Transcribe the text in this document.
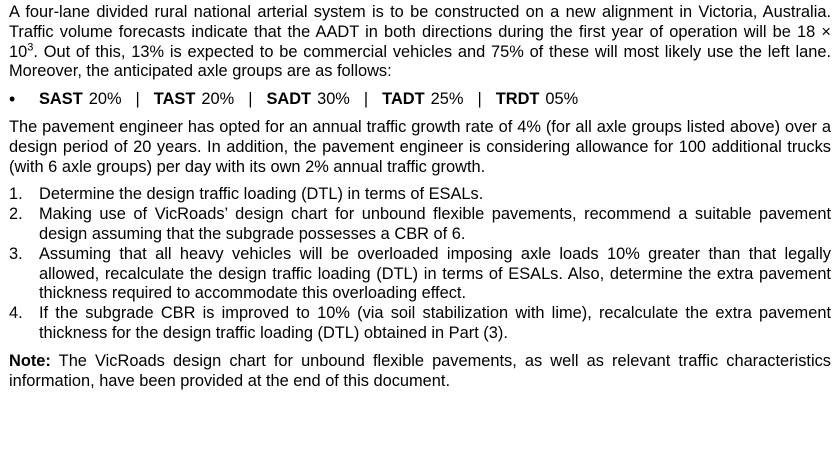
A four-lane divided rural national arterial system is to be constructed on a new alignment in Victoria, Australia. Traffic volume forecasts indicate that the AADT in both directions during the first year of operation will be $18 \times 10^3$. Out of this, 13% is expected to be commercial vehicles and 75% of these will most likely use the left lane. Moreover, the anticipated axle groups are as follows:

•	SAST 20% | TAST 20% | SADT 30% | TADT 25% | TRDT 05%

The pavement engineer has opted for an annual traffic growth rate of 4% (for all axle groups listed above) over a design period of 20 years. In addition, the pavement engineer is considering allowance for 100 additional trucks (with 6 axle groups) per day with its own 2% annual traffic growth.

1. Determine the design traffic loading (DTL) in terms of ESALs.
2. Making use of VicRoads’ design chart for unbound flexible pavements, recommend a suitable pavement design assuming that the subgrade possesses a CBR of 6.
3. Assuming that all heavy vehicles will be overloaded imposing axle loads 10% greater than that legally allowed, recalculate the design traffic loading (DTL) in terms of ESALs. Also, determine the extra pavement thickness required to accommodate this overloading effect.
4. If the subgrade CBR is improved to 10% (via soil stabilization with lime), recalculate the extra pavement thickness for the design traffic loading (DTL) obtained in Part (3).

Note: The VicRoads design chart for unbound flexible pavements, as well as relevant traffic characteristics information, have been provided at the end of this document.
